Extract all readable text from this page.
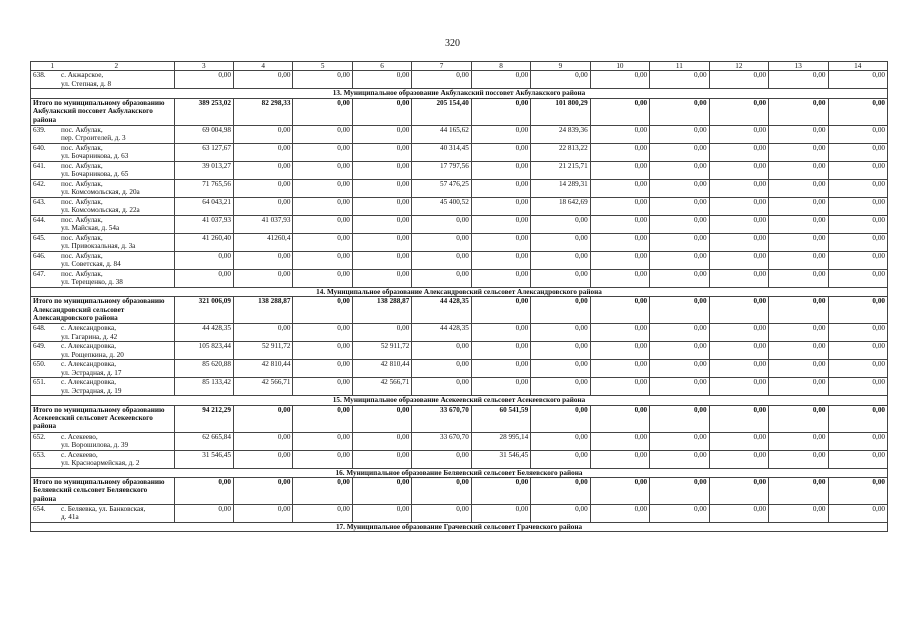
320
1 2	3	4	5	6	7	8	9	10	11	12	13	14

638. с. Акжарское,
ул. Степная, д. 8	0,00	0,00	0,00	0,00	0,00	0,00	0,00	0,00	0,00	0,00	0,00	0,00
13. Муниципальное образование Акбулакский поссовет Акбулакского района												
Итого по муниципальному образованию Акбулакский поссовет Акбулакского района	389 253,02	82 298,33	0,00	0,00	205 154,40	0,00	101 800,29	0,00	0,00	0,00	0,00	0,00

639. пос. Акбулак,
пер. Строителей, д. 3	69 004,98	0,00	0,00	0,00	44 165,62	0,00	24 839,36	0,00	0,00	0,00	0,00	0,00

640. пос. Акбулак,
ул. Бочарникова, д. 63	63 127,67	0,00	0,00	0,00	40 314,45	0,00	22 813,22	0,00	0,00	0,00	0,00	0,00

641. пос. Акбулак,
ул. Бочарникова, д. 65	39 013,27	0,00	0,00	0,00	17 797,56	0,00	21 215,71	0,00	0,00	0,00	0,00	0,00

642. пос. Акбулак,
ул. Комсомольская, д. 20а	71 765,56	0,00	0,00	0,00	57 476,25	0,00	14 289,31	0,00	0,00	0,00	0,00	0,00

643. пос. Акбулак,
ул. Комсомольская, д. 22а	64 043,21	0,00	0,00	0,00	45 400,52	0,00	18 642,69	0,00	0,00	0,00	0,00	0,00

644. пос. Акбулак,
ул. Майская, д. 54а	41 037,93	41 037,93	0,00	0,00	0,00	0,00	0,00	0,00	0,00	0,00	0,00	0,00

645. пос. Акбулак,
ул. Привокзальная, д. 3а	41 260,40	41260,4	0,00	0,00	0,00	0,00	0,00	0,00	0,00	0,00	0,00	0,00

646. пос. Акбулак,
ул. Советская, д. 84	0,00	0,00	0,00	0,00	0,00	0,00	0,00	0,00	0,00	0,00	0,00	0,00

647. пос. Акбулак,
ул. Терещенко, д. 38	0,00	0,00	0,00	0,00	0,00	0,00	0,00	0,00	0,00	0,00	0,00	0,00
14. Муниципальное образование Александровский сельсовет Александровского района												
Итого по муниципальному образованию Александровский сельсовет Александровского района	321 006,09	138 288,87	0,00	138 288,87	44 428,35	0,00	0,00	0,00	0,00	0,00	0,00	0,00

648. с. Александровка,
ул. Гагарина, д. 42	44 428,35	0,00	0,00	0,00	44 428,35	0,00	0,00	0,00	0,00	0,00	0,00	0,00

649. с. Александровка,
ул. Рощепкина, д. 20	105 823,44	52 911,72	0,00	52 911,72	0,00	0,00	0,00	0,00	0,00	0,00	0,00	0,00

650. с. Александровка,
ул. Эстрадная, д. 17	85 620,88	42 810,44	0,00	42 810,44	0,00	0,00	0,00	0,00	0,00	0,00	0,00	0,00

651. с. Александровка,
ул. Эстрадная, д. 19	85 133,42	42 566,71	0,00	42 566,71	0,00	0,00	0,00	0,00	0,00	0,00	0,00	0,00
15. Муниципальное образование Асекеевский сельсовет Асекеевского района												
Итого по муниципальному образованию Асекеевский сельсовет Асекеевского района	94 212,29	0,00	0,00	0,00	33 670,70	60 541,59	0,00	0,00	0,00	0,00	0,00	0,00

652. с. Асекеево,
ул. Ворошилова, д. 39	62 665,84	0,00	0,00	0,00	33 670,70	28 995,14	0,00	0,00	0,00	0,00	0,00	0,00

653. с. Асекеево,
ул. Красноармейская, д. 2	31 546,45	0,00	0,00	0,00	0,00	31 546,45	0,00	0,00	0,00	0,00	0,00	0,00
16. Муниципальное образование Беляевский сельсовет Беляевского района												
Итого по муниципальному образованию Беляевский сельсовет Беляевского района	0,00	0,00	0,00	0,00	0,00	0,00	0,00	0,00	0,00	0,00	0,00	0,00

654. с. Беляевка, ул. Банковская,
д. 41а	0,00	0,00	0,00	0,00	0,00	0,00	0,00	0,00	0,00	0,00	0,00	0,00
17. Муниципальное образование Грачевский сельсовет Грачевского района												
